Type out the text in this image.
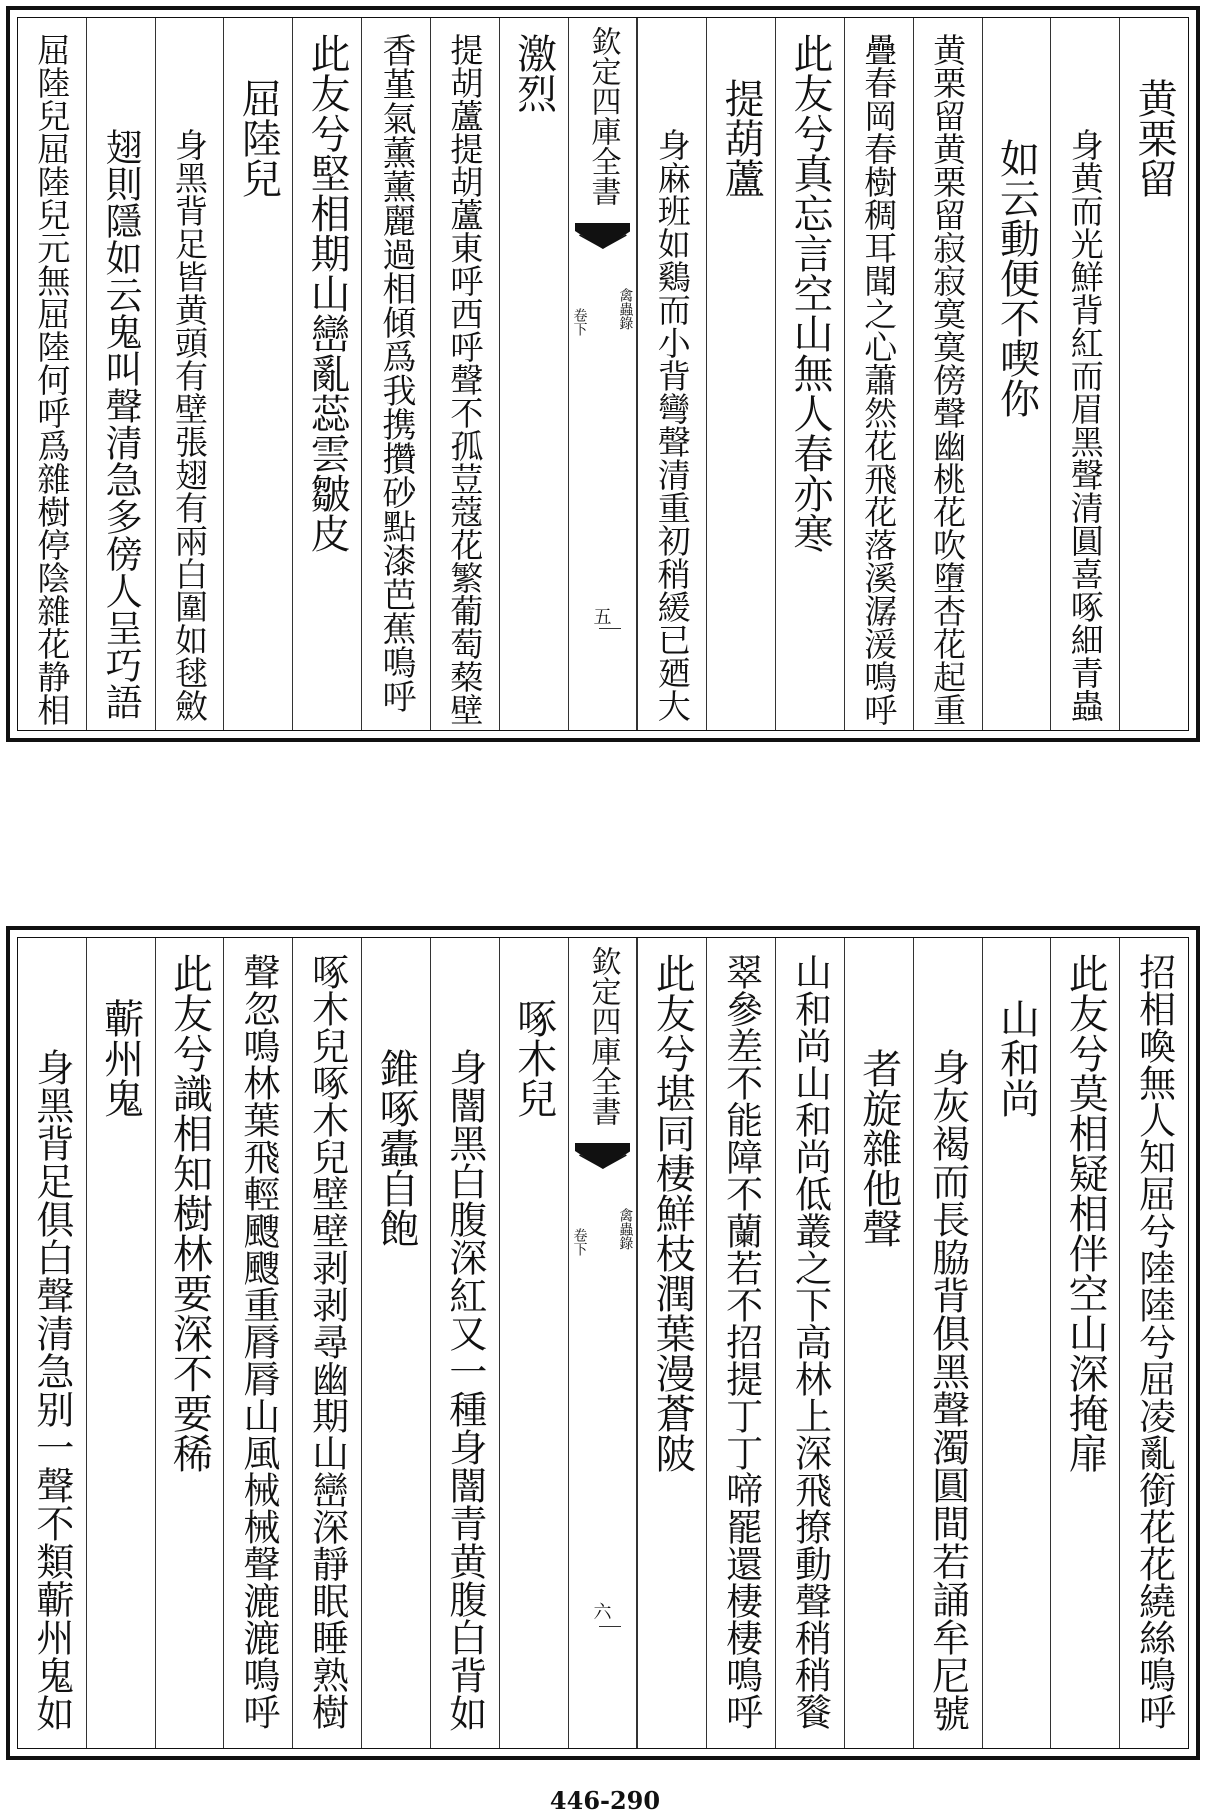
黄栗留
身黄而光鮮背紅而眉黑聲清圓喜啄細青蟲
如云動便不喫你
黄栗留黄栗留寂寂寞寞傍聲幽桃花吹墮杏花起重
疊春岡春樹稠耳聞之心蕭然花飛花落溪潺湲鳴呼
此友兮真忘言空山無人春亦寒
提葫蘆
身麻班如鷄而小背彎聲清重初稍緩已廼大
欽定四庫全書
禽蟲錄
卷下
五
激烈
提胡蘆提胡蘆東呼西呼聲不孤荳蔻花繁葡萄蔾壁
香堇氣薰薰麗過相傾爲我携攢砂點漆芭蕉鳴呼
此友兮堅相期山巒亂蕊雲皺皮
屈陸兒
身黑背足皆黄頭有壁張翅有兩白圍如毬斂
翅則隱如云鬼叫聲清急多傍人呈巧語
屈陸兒屈陸兒元無屈陸何呼爲雜樹停陰雜花静相
招相喚無人知屈兮陸陸兮屈凌亂銜花花繞絲鳴呼
此友兮莫相疑相伴空山深掩扉
山和尚
身灰褐而長脇背俱黑聲濁圓間若誦牟尼號
者旋雜他聲
山和尚山和尚低叢之下高林上深飛撩動聲稍稍餮
翠參差不能障不蘭若不招提丁丁啼罷還棲棲鳴呼
此友兮堪同棲鮮枝潤葉漫蒼陂
欽定四庫全書
禽蟲錄
卷下
六
啄木兒
身闇黑白腹深紅又一種身闇青黄腹白背如
錐啄蠹自飽
啄木兒啄木兒壁壁剥剥尋幽期山巒深靜眠睡熟樹
聲忽鳴林葉飛輕颼颼重脣脣山風械械聲漉漉鳴呼
此友兮識相知樹林要深不要稀
蘄州鬼
身黑背足俱白聲清急别一聲不類蘄州鬼如
446-290
